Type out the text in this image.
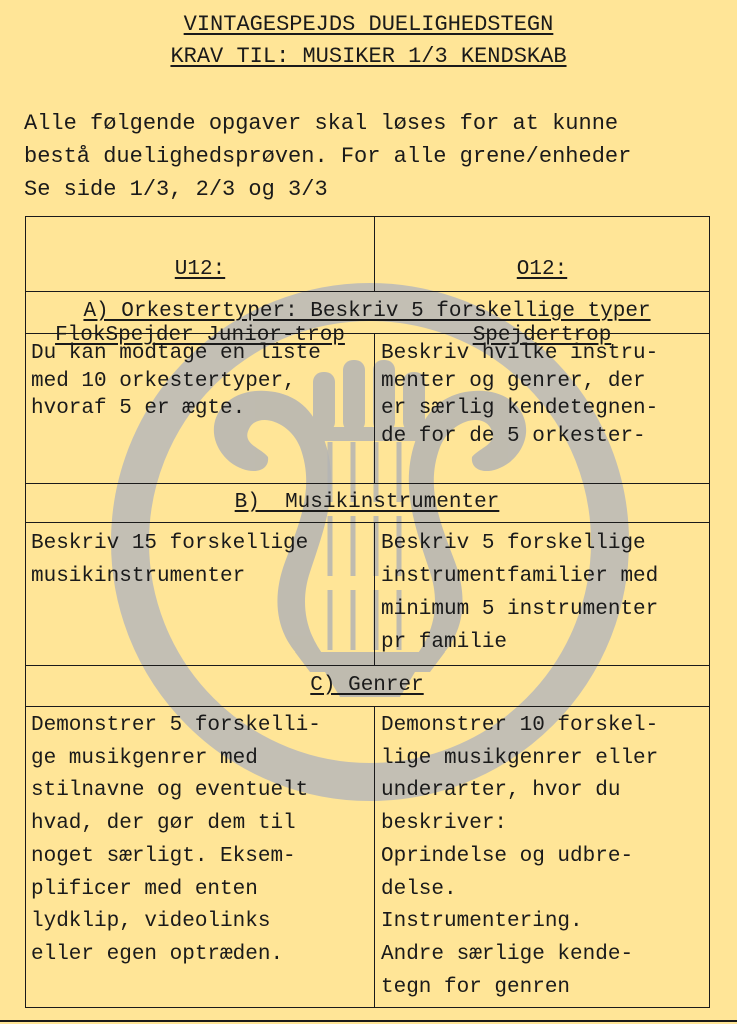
VINTAGESPEJDS DUELIGHEDSTEGN
KRAV TIL: MUSIKER 1/3 KENDSKAB
Alle følgende opgaver skal løses for at kunne
bestå duelighedsprøven. For alle grene/enheder
Se side 1/3, 2/3 og 3/3

U12:

FlokSpejder Junior-trop

O12:

Spejdertrop

A) Orkestertyper: Beskriv 5 forskellige typer
Du kan modtage en liste
med 10 orkestertyper,
hvoraf 5 er ægte.
Beskriv hvilke instru-
menter og genrer, der
er særlig kendetegnen-
de for de 5 orkester-
B)  Musikinstrumenter
Beskriv 15 forskellige
musikinstrumenter
Beskriv 5 forskellige
instrumentfamilier med
minimum 5 instrumenter
pr familie
C) Genrer
Demonstrer 5 forskelli-
ge musikgenrer med
stilnavne og eventuelt
hvad, der gør dem til
noget særligt. Eksem-
plificer med enten
lydklip, videolinks
eller egen optræden.
Demonstrer 10 forskel-
lige musikgenrer eller
underarter, hvor du
beskriver:
Oprindelse og udbre-
delse.
Instrumentering.
Andre særlige kende-
tegn for genren
